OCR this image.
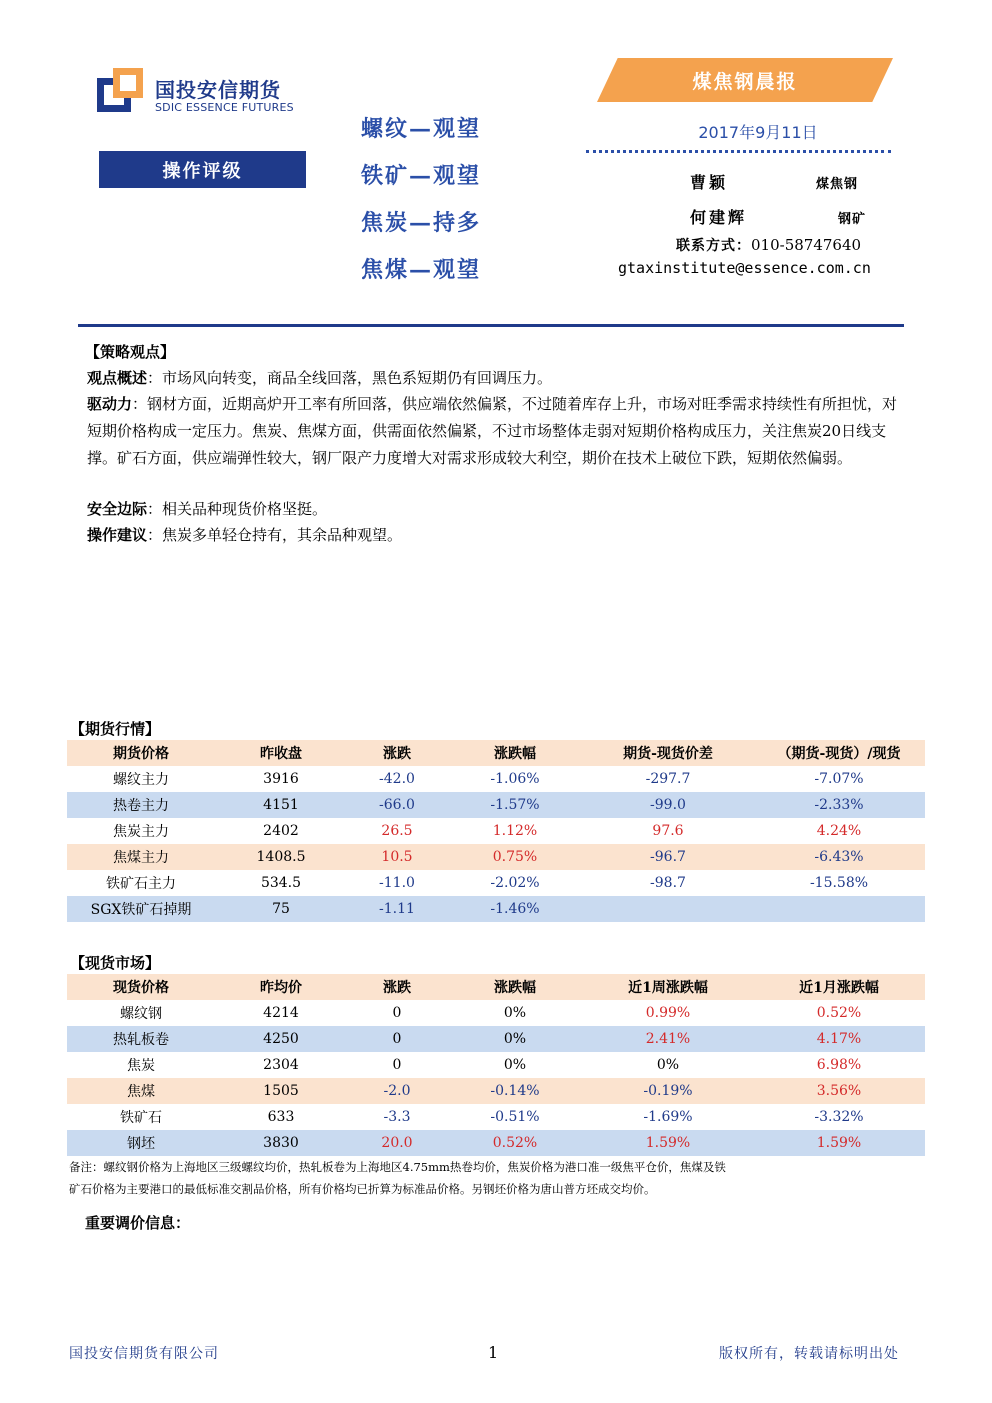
国投安信期货
SDIC ESSENCE FUTURES
煤焦钢晨报
2017年9月11日
操作评级
螺纹—观望
铁矿—观望
焦炭—持多
焦煤—观望
曹颖	煤焦钢
何建辉	钢矿
联系方式：010-58747640
gtaxinstitute@essence.com.cn
【策略观点】
观点概述：市场风向转变，商品全线回落，黑色系短期仍有回调压力。
驱动力：钢材方面，近期高炉开工率有所回落，供应端依然偏紧，不过随着库存上升，市场对旺季需求持续性有所担忧，对短期价格构成一定压力。焦炭、焦煤方面，供需面依然偏紧，不过市场整体走弱对短期价格构成压力，关注焦炭20日线支撑。矿石方面，供应端弹性较大，钢厂限产力度增大对需求形成较大利空，期价在技术上破位下跌，短期依然偏弱。
安全边际：相关品种现货价格坚挺。
操作建议：焦炭多单轻仓持有，其余品种观望。
【期货行情】
期货价格	昨收盘	涨跌	涨跌幅	期货-现货价差	（期货-现货）/现货
螺纹主力	3916	-42.0	-1.06%	-297.7	-7.07%
热卷主力	4151	-66.0	-1.57%	-99.0	-2.33%
焦炭主力	2402	26.5	1.12%	97.6	4.24%
焦煤主力	1408.5	10.5	0.75%	-96.7	-6.43%
铁矿石主力	534.5	-11.0	-2.02%	-98.7	-15.58%
SGX铁矿石掉期	75	-1.11	-1.46%		
【现货市场】
现货价格	昨均价	涨跌	涨跌幅	近1周涨跌幅	近1月涨跌幅
螺纹钢	4214	0	0%	0.99%	0.52%
热轧板卷	4250	0	0%	2.41%	4.17%
焦炭	2304	0	0%	0%	6.98%
焦煤	1505	-2.0	-0.14%	-0.19%	3.56%
铁矿石	633	-3.3	-0.51%	-1.69%	-3.32%
钢坯	3830	20.0	0.52%	1.59%	1.59%
备注：螺纹钢价格为上海地区三级螺纹均价，热轧板卷为上海地区4.75mm热卷均价，焦炭价格为港口准一级焦平仓价，焦煤及铁
矿石价格为主要港口的最低标准交割品价格，所有价格均已折算为标准品价格。另钢坯价格为唐山普方坯成交均价。
重要调价信息：
国投安信期货有限公司	1	版权所有，转载请标明出处
